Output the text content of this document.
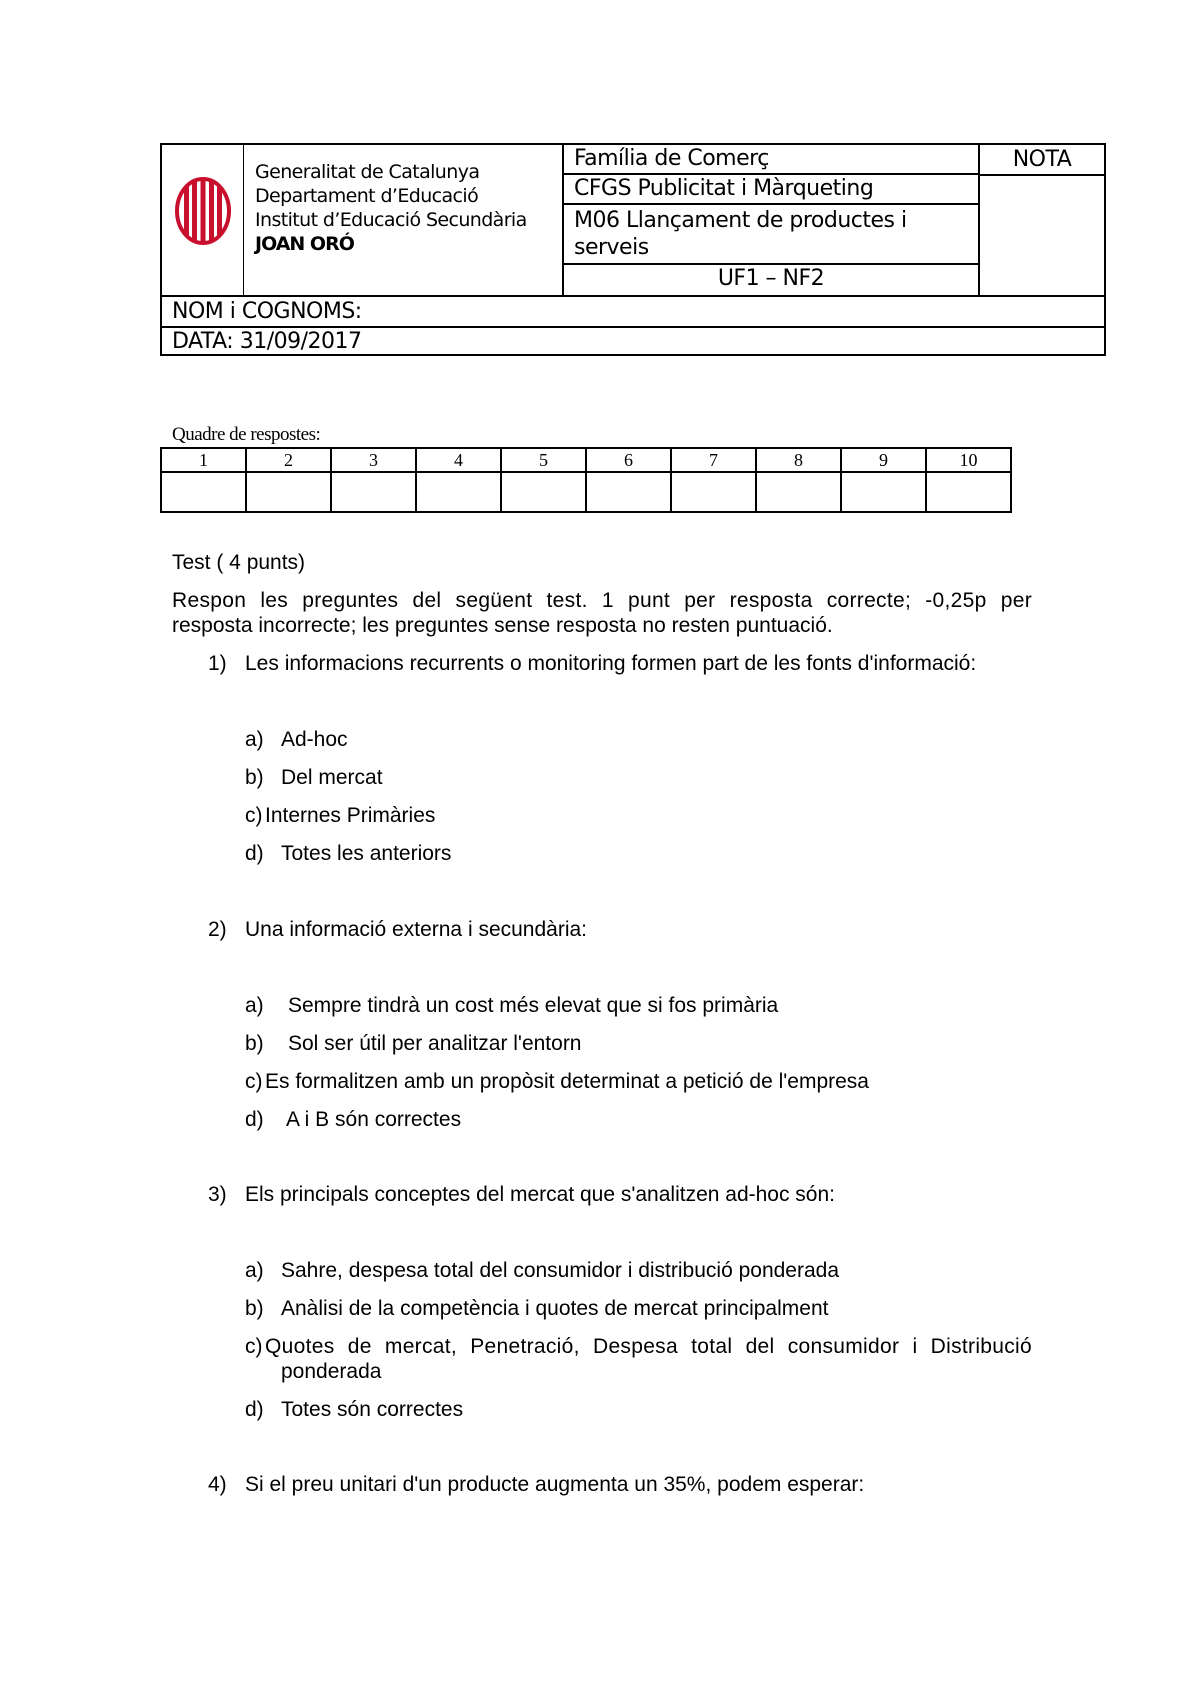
Generalitat de Catalunya
Departament d’Educació
Institut d’Educació Secundària
JOAN ORÓ
Família de Comerç
CFGS Publicitat i Màrqueting
M06 Llançament de productes i
serveis
UF1 – NF2
NOTA
NOM i COGNOMS:
DATA: 31/09/2017
Quadre de respostes:
1	2	3	4	5	6	7	8	9	10

Test ( 4 punts)
Respon les preguntes del següent test. 1 punt per resposta correcte; -0,25p per
resposta incorrecte; les preguntes sense resposta no resten puntuació.
1) Les informacions recurrents o monitoring formen part de les fonts d'informació:
a) Ad-hoc
b) Del mercat
c) Internes Primàries
d) Totes les anteriors
2) Una informació externa i secundària:
a) Sempre tindrà un cost més elevat que si fos primària
b) Sol ser útil per analitzar l'entorn
c) Es formalitzen amb un propòsit determinat a petició de l'empresa
d) A i B són correctes
3) Els principals conceptes del mercat que s'analitzen ad-hoc són:
a) Sahre, despesa total del consumidor i distribució ponderada
b) Anàlisi de la competència i quotes de mercat principalment
c) Quotes de mercat, Penetració, Despesa total del consumidor i Distribució
ponderada
d) Totes són correctes
4) Si el preu unitari d'un producte augmenta un 35%, podem esperar:
